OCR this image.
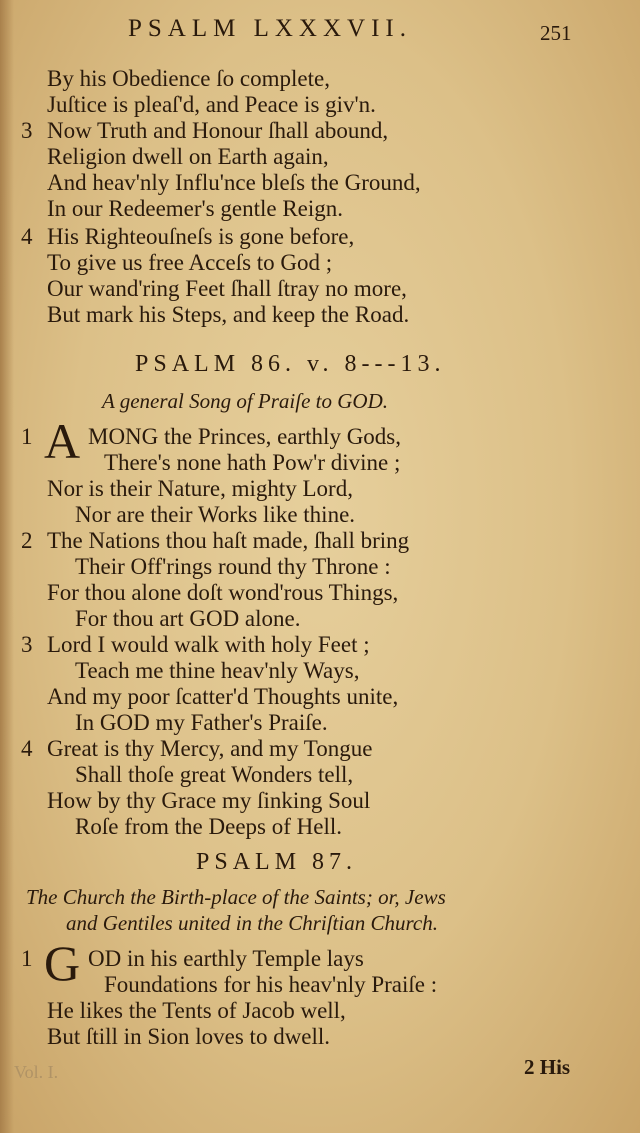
PSALM LXXXVII.	251
By his Obedience ſo complete,
Juſtice is pleaſ'd, and Peace is giv'n.
3 Now Truth and Honour ſhall abound,
Religion dwell on Earth again,
And heav'nly Influ'nce bleſs the Ground,
In our Redeemer's gentle Reign.
4 His Righteouſneſs is gone before,
To give us free Acceſs to God ;
Our wand'ring Feet ſhall ſtray no more,
But mark his Steps, and keep the Road.
PSALM 86. v. 8---13.
A general Song of Praiſe to GOD.
1 A MONG the Princes, earthly Gods,
There's none hath Pow'r divine ;
Nor is their Nature, mighty Lord,
Nor are their Works like thine.
2 The Nations thou haſt made, ſhall bring
Their Off'rings round thy Throne :
For thou alone doſt wond'rous Things,
For thou art GOD alone.
3 Lord I would walk with holy Feet ;
Teach me thine heav'nly Ways,
And my poor ſcatter'd Thoughts unite,
In GOD my Father's Praiſe.
4 Great is thy Mercy, and my Tongue
Shall thoſe great Wonders tell,
How by thy Grace my ſinking Soul
Roſe from the Deeps of Hell.
PSALM 87.
The Church the Birth-place of the Saints; or, Jews
and Gentiles united in the Chriſtian Church.
1 G OD in his earthly Temple lays
Foundations for his heav'nly Praiſe :
He likes the Tents of Jacob well,
But ſtill in Sion loves to dwell.
Vol. I.	2 His
